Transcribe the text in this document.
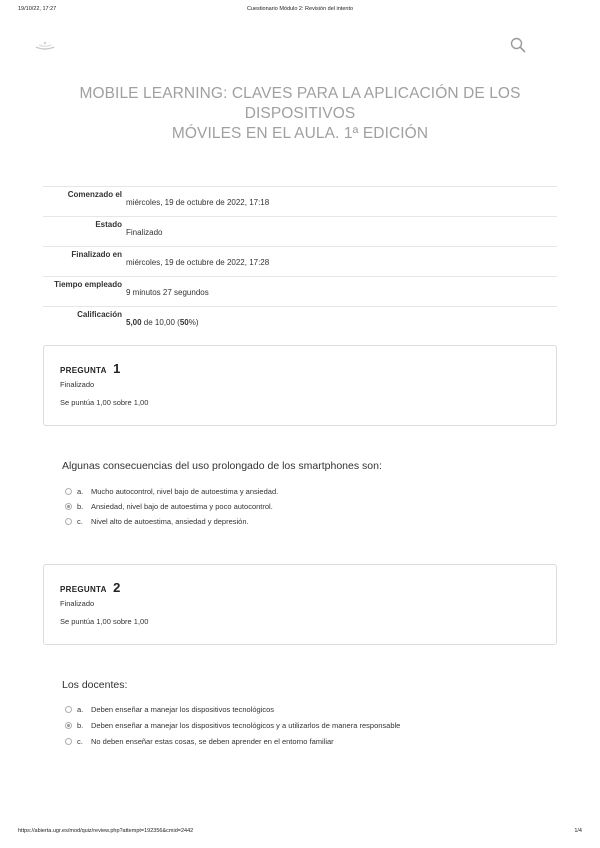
19/10/22, 17:27	Cuestionario Módulo 2: Revisión del intento
MOBILE LEARNING: CLAVES PARA LA APLICACIÓN DE LOS DISPOSITIVOS
MÓVILES EN EL AULA. 1ª EDICIÓN
Comenzado el
miércoles, 19 de octubre de 2022, 17:18
Estado
Finalizado
Finalizado en
miércoles, 19 de octubre de 2022, 17:28
Tiempo empleado
9 minutos 27 segundos
Calificación
5,00 de 10,00 (50%)
PREGUNTA 1
Finalizado
Se puntúa 1,00 sobre 1,00
Algunas consecuencias del uso prolongado de los smartphones son:
a. Mucho autocontrol, nivel bajo de autoestima y ansiedad.
b. Ansiedad, nivel bajo de autoestima y poco autocontrol.
c. Nivel alto de autoestima, ansiedad y depresión.
PREGUNTA 2
Finalizado
Se puntúa 1,00 sobre 1,00
Los docentes:
a. Deben enseñar a manejar los dispositivos tecnológicos
b. Deben enseñar a manejar los dispositivos tecnológicos y a utilizarlos de manera responsable
c. No deben enseñar estas cosas, se deben aprender en el entorno familiar
https://abierta.ugr.es/mod/quiz/review.php?attempt=192356&cmid=2442	1/4
